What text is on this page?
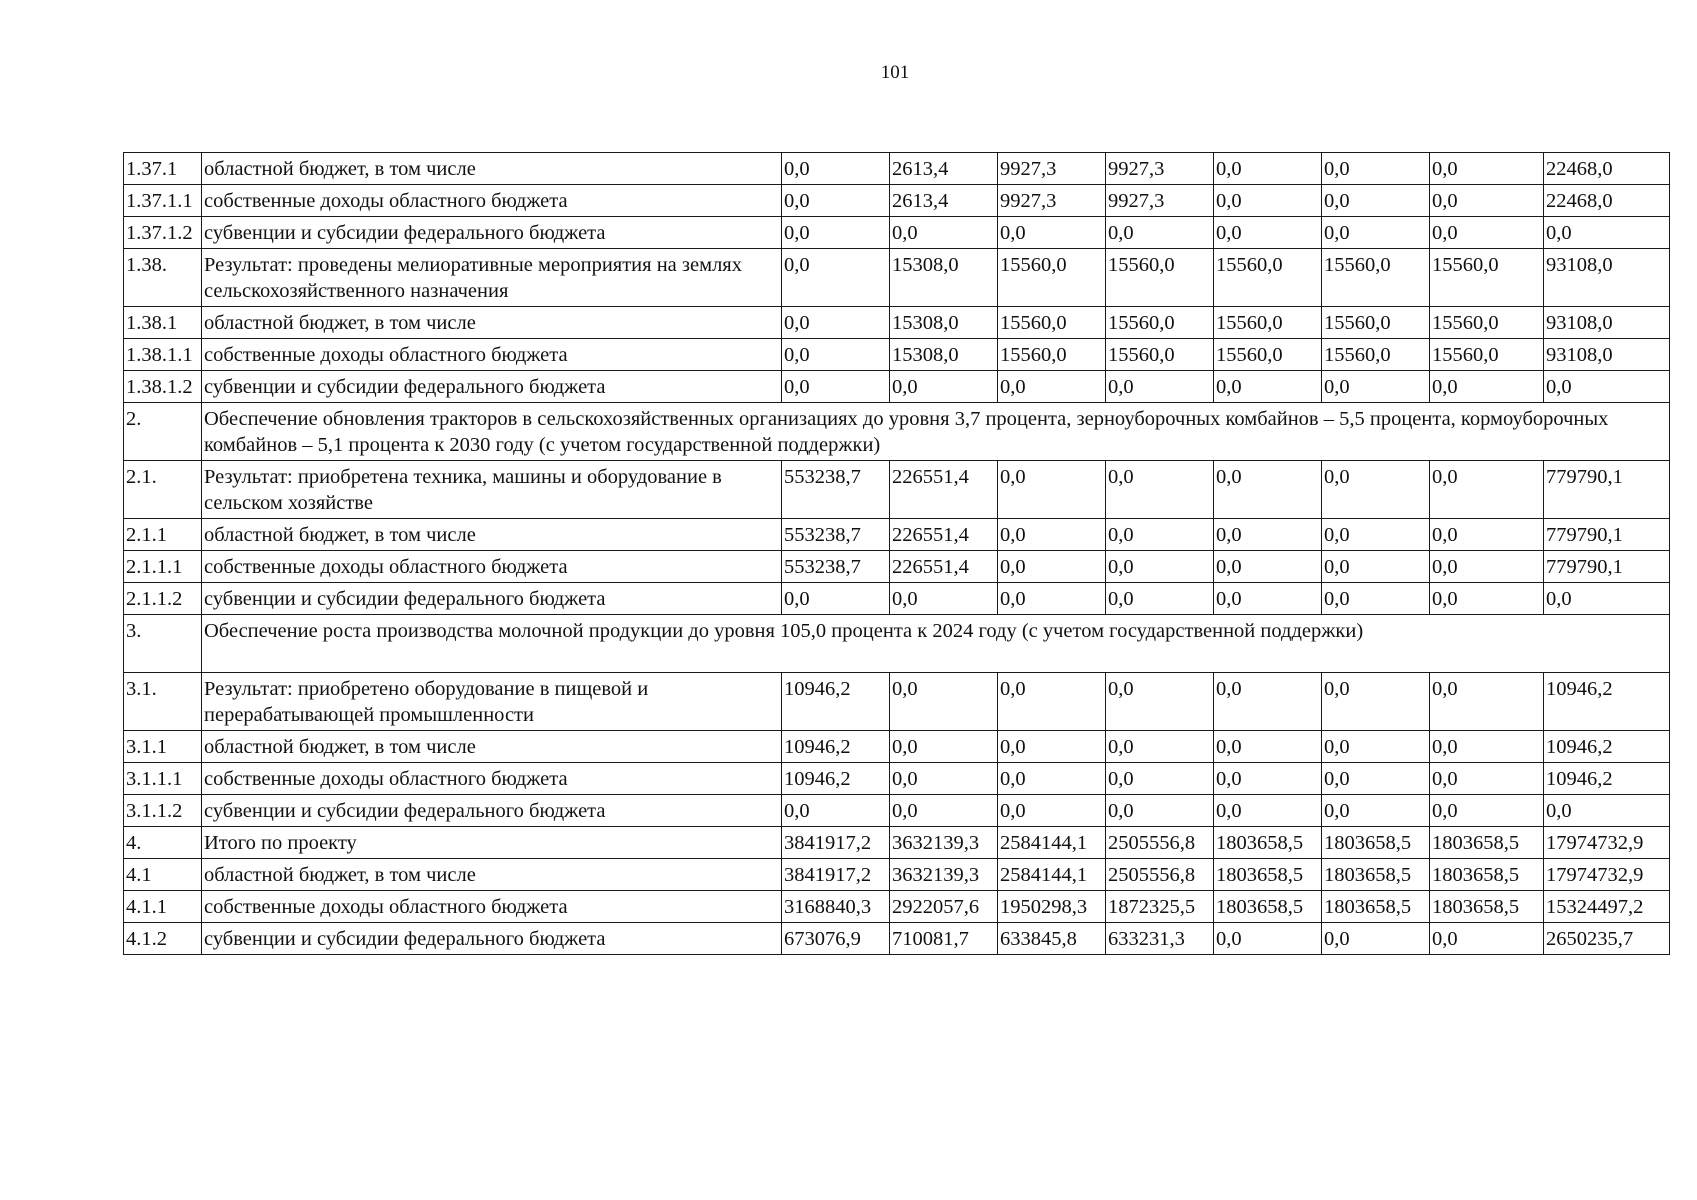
101
1.37.1	областной бюджет, в том числе	0,0	2613,4	9927,3	9927,3	0,0	0,0	0,0	22468,0
1.37.1.1	собственные доходы областного бюджета	0,0	2613,4	9927,3	9927,3	0,0	0,0	0,0	22468,0
1.37.1.2	субвенции и субсидии федерального бюджета	0,0	0,0	0,0	0,0	0,0	0,0	0,0	0,0
1.38.	Результат: проведены мелиоративные мероприятия на землях сельскохозяйственного назначения	0,0	15308,0	15560,0	15560,0	15560,0	15560,0	15560,0	93108,0
1.38.1	областной бюджет, в том числе	0,0	15308,0	15560,0	15560,0	15560,0	15560,0	15560,0	93108,0
1.38.1.1	собственные доходы областного бюджета	0,0	15308,0	15560,0	15560,0	15560,0	15560,0	15560,0	93108,0
1.38.1.2	субвенции и субсидии федерального бюджета	0,0	0,0	0,0	0,0	0,0	0,0	0,0	0,0
2.	Обеспечение обновления тракторов в сельскохозяйственных организациях до уровня 3,7 процента, зерноуборочных комбайнов – 5,5 процента, кормоуборочных комбайнов – 5,1 процента к 2030 году (с учетом государственной поддержки)								
2.1.	Результат: приобретена техника, машины и оборудование в сельском хозяйстве	553238,7	226551,4	0,0	0,0	0,0	0,0	0,0	779790,1
2.1.1	областной бюджет, в том числе	553238,7	226551,4	0,0	0,0	0,0	0,0	0,0	779790,1
2.1.1.1	собственные доходы областного бюджета	553238,7	226551,4	0,0	0,0	0,0	0,0	0,0	779790,1
2.1.1.2	субвенции и субсидии федерального бюджета	0,0	0,0	0,0	0,0	0,0	0,0	0,0	0,0
3.	Обеспечение роста производства молочной продукции до уровня 105,0 процента к 2024 году (с учетом государственной поддержки)								
3.1.	Результат: приобретено оборудование в пищевой и перерабатывающей промышленности	10946,2	0,0	0,0	0,0	0,0	0,0	0,0	10946,2
3.1.1	областной бюджет, в том числе	10946,2	0,0	0,0	0,0	0,0	0,0	0,0	10946,2
3.1.1.1	собственные доходы областного бюджета	10946,2	0,0	0,0	0,0	0,0	0,0	0,0	10946,2
3.1.1.2	субвенции и субсидии федерального бюджета	0,0	0,0	0,0	0,0	0,0	0,0	0,0	0,0
4.	Итого по проекту	3841917,2	3632139,3	2584144,1	2505556,8	1803658,5	1803658,5	1803658,5	17974732,9
4.1	областной бюджет, в том числе	3841917,2	3632139,3	2584144,1	2505556,8	1803658,5	1803658,5	1803658,5	17974732,9
4.1.1	собственные доходы областного бюджета	3168840,3	2922057,6	1950298,3	1872325,5	1803658,5	1803658,5	1803658,5	15324497,2
4.1.2	субвенции и субсидии федерального бюджета	673076,9	710081,7	633845,8	633231,3	0,0	0,0	0,0	2650235,7
